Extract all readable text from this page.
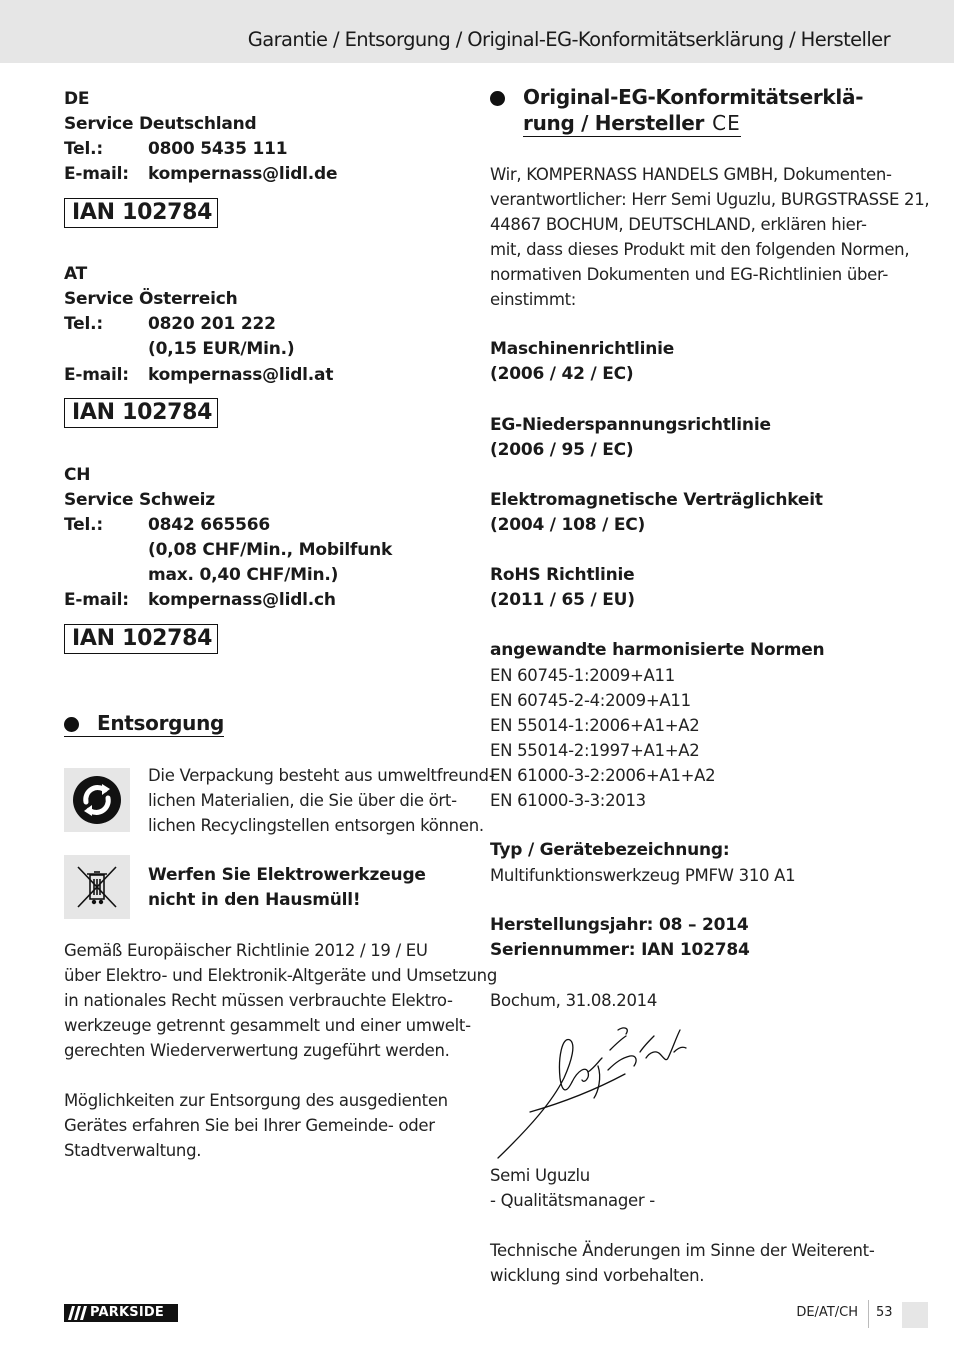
Garantie / Entsorgung / Original-EG-Konformitätserklärung / Hersteller
DE
Service Deutschland
Tel.:	0800 5435 111
E-mail: kompernass@lidl.de
IAN 102784
AT
Service Österreich
Tel.:	0820 201 222
(0,15 EUR/Min.)
E-mail: kompernass@lidl.at
IAN 102784
CH
Service Schweiz
Tel.:	0842 665566
(0,08 CHF/Min., Mobilfunk
max. 0,40 CHF/Min.)
E-mail: kompernass@lidl.ch
IAN 102784
Entsorgung
Die Verpackung besteht aus umweltfreund-
lichen Materialien, die Sie über die ört-
lichen Recyclingstellen entsorgen können.
Werfen Sie Elektrowerkzeuge
nicht in den Hausmüll!
Gemäß Europäischer Richtlinie 2012 / 19 / EU
über Elektro- und Elektronik-Altgeräte und Umsetzung
in nationales Recht müssen verbrauchte Elektro-
werkzeuge getrennt gesammelt und einer umwelt-
gerechten Wiederverwertung zugeführt werden.
Möglichkeiten zur Entsorgung des ausgedienten
Gerätes erfahren Sie bei Ihrer Gemeinde- oder
Stadtverwaltung.
Original-EG-Konformitätserklä-
rung / Hersteller CE
Wir, KOMPERNASS HANDELS GMBH, Dokumenten-
verantwortlicher: Herr Semi Uguzlu, BURGSTRASSE 21,
44867 BOCHUM, DEUTSCHLAND, erklären hier-
mit, dass dieses Produkt mit den folgenden Normen,
normativen Dokumenten und EG-Richtlinien über-
einstimmt:
Maschinenrichtlinie
(2006 / 42 / EC)
EG-Niederspannungsrichtlinie
(2006 / 95 / EC)
Elektromagnetische Verträglichkeit
(2004 / 108 / EC)
RoHS Richtlinie
(2011 / 65 / EU)
angewandte harmonisierte Normen
EN 60745-1:2009+A11
EN 60745-2-4:2009+A11
EN 55014-1:2006+A1+A2
EN 55014-2:1997+A1+A2
EN 61000-3-2:2006+A1+A2
EN 61000-3-3:2013
Typ / Gerätebezeichnung:
Multifunktionswerkzeug PMFW 310 A1
Herstellungsjahr: 08 – 2014
Seriennummer: IAN 102784
Bochum, 31.08.2014
Semi Uguzlu
- Qualitätsmanager -
Technische Änderungen im Sinne der Weiterent-
wicklung sind vorbehalten.
PARKSIDE	DE/AT/CH 53
